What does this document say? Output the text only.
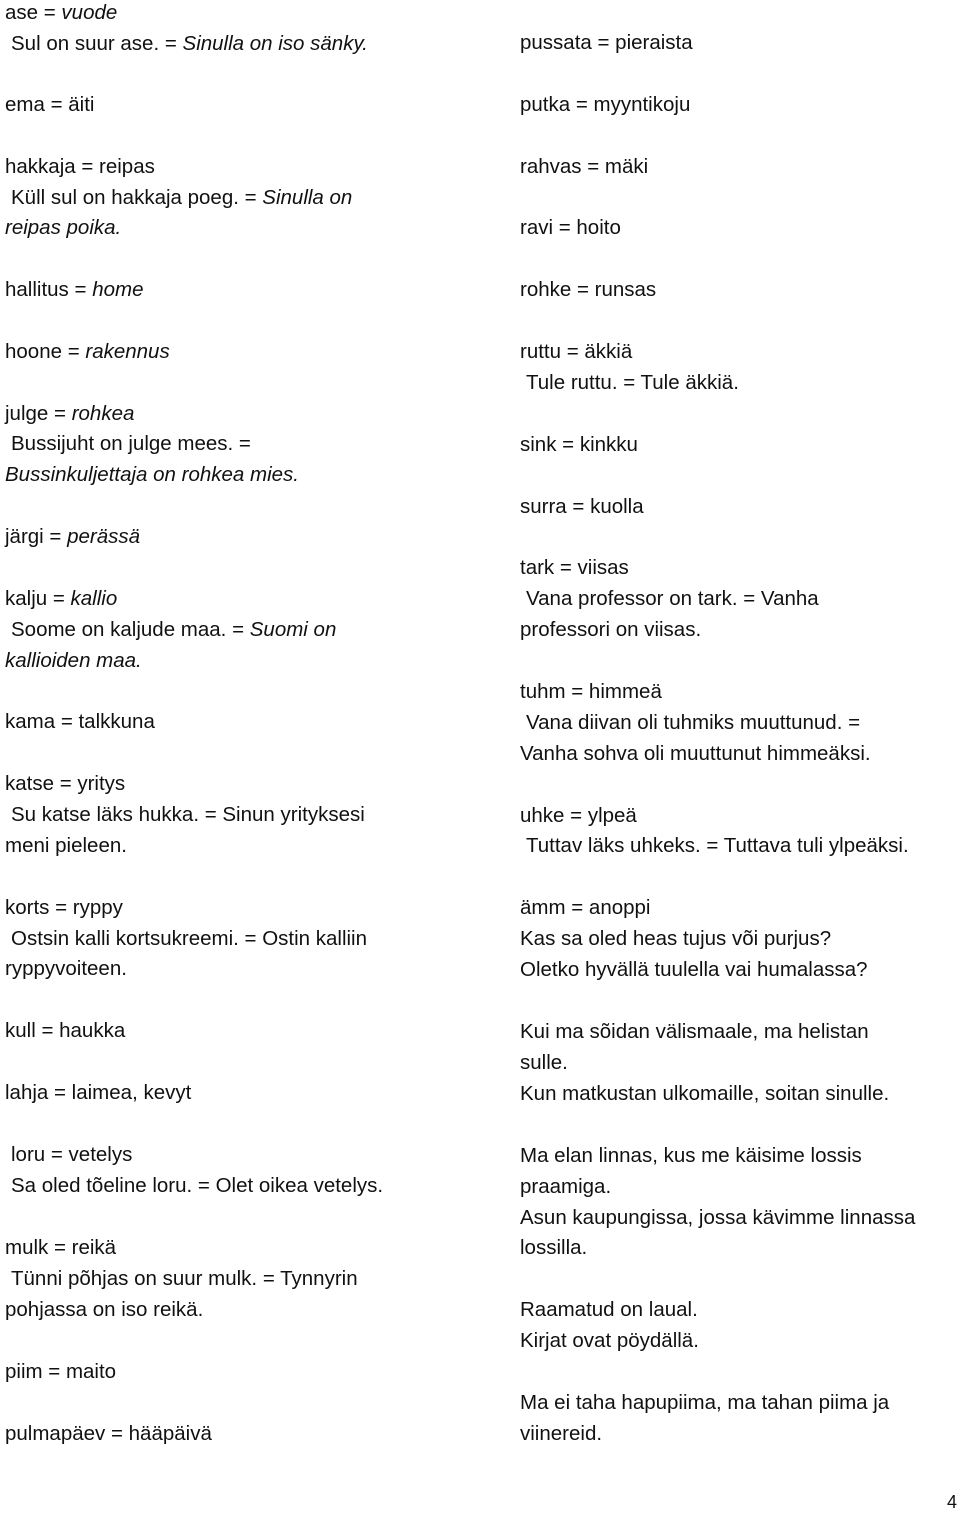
ase = vuode
Sul on suur ase. = Sinulla on iso sänky.
ema = äiti
hakkaja = reipas
Küll sul on hakkaja poeg. = Sinulla on
reipas poika.
hallitus = home
hoone = rakennus
julge = rohkea
Bussijuht on julge mees. =
Bussinkuljettaja on rohkea mies.
järgi = perässä
kalju = kallio
Soome on kaljude maa. = Suomi on
kallioiden maa.
kama = talkkuna
katse = yritys
Su katse läks hukka. = Sinun yrityksesi
meni pieleen.
korts = ryppy
Ostsin kalli kortsukreemi. = Ostin kalliin
ryppyvoiteen.
kull = haukka
lahja = laimea, kevyt
loru = vetelys
Sa oled tõeline loru. = Olet oikea vetelys.
mulk = reikä
Tünni põhjas on suur mulk. = Tynnyrin
pohjassa on iso reikä.
piim = maito
pulmapäev = hääpäivä
pussata = pieraista
putka = myyntikoju
rahvas = mäki
ravi = hoito
rohke = runsas
ruttu = äkkiä
Tule ruttu. = Tule äkkiä.
sink = kinkku
surra = kuolla
tark = viisas
Vana professor on tark. = Vanha
professori on viisas.
tuhm = himmeä
Vana diivan oli tuhmiks muuttunud. =
Vanha sohva oli muuttunut himmeäksi.
uhke = ylpeä
Tuttav läks uhkeks. = Tuttava tuli ylpeäksi.
ämm = anoppi
Kas sa oled heas tujus või purjus?
Oletko hyvällä tuulella vai humalassa?
Kui ma sõidan välismaale, ma helistan
sulle.
Kun matkustan ulkomaille, soitan sinulle.
Ma elan linnas, kus me käisime lossis
praamiga.
Asun kaupungissa, jossa kävimme linnassa
lossilla.
Raamatud on laual.
Kirjat ovat pöydällä.
Ma ei taha hapupiima, ma tahan piima ja
viinereid.
4
